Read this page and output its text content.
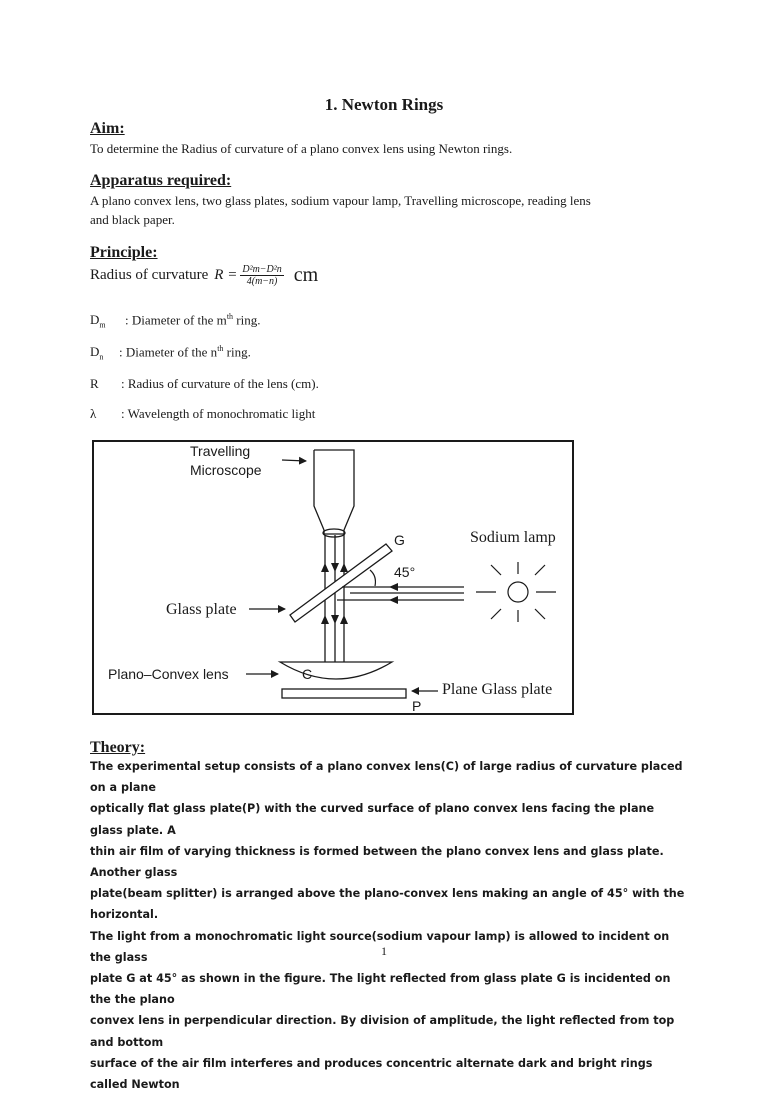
1. Newton Rings
Aim:
To determine the Radius of curvature of a plano convex lens using Newton rings.
Apparatus required:
A plano convex lens, two glass plates, sodium vapour lamp, Travelling microscope, reading lens
and black paper.
Principle:
Radius of curvature $R = \frac{\text{D²m−D²n}}{4(m-n)}$ cm
$D_m$ : Diameter of the $m^{th}$ ring.
$D_n$ : Diameter of the $n^{th}$ ring.
R : Radius of curvature of the lens (cm).
λ : Wavelength of monochromatic light
Travelling
Microscope
G
45°
Sodium lamp
Glass plate
C
Plano–Convex lens
Plane Glass plate
P
Theory:
The experimental setup consists of a plano convex lens(C) of large radius of curvature placed on a plane
optically flat glass plate(P) with the curved surface of plano convex lens facing the plane glass plate. A
thin air film of varying thickness is formed between the plano convex lens and glass plate. Another glass
plate(beam splitter) is arranged above the plano-convex lens making an angle of 45° with the horizontal.
The light from a monochromatic light source(sodium vapour lamp) is allowed to incident on the glass
plate G at 45° as shown in the figure. The light reflected from glass plate G is incidented on the the plano
convex lens in perpendicular direction. By division of amplitude, the light reflected from top and bottom
surface of the air film interferes and produces concentric alternate dark and bright rings called Newton
1
